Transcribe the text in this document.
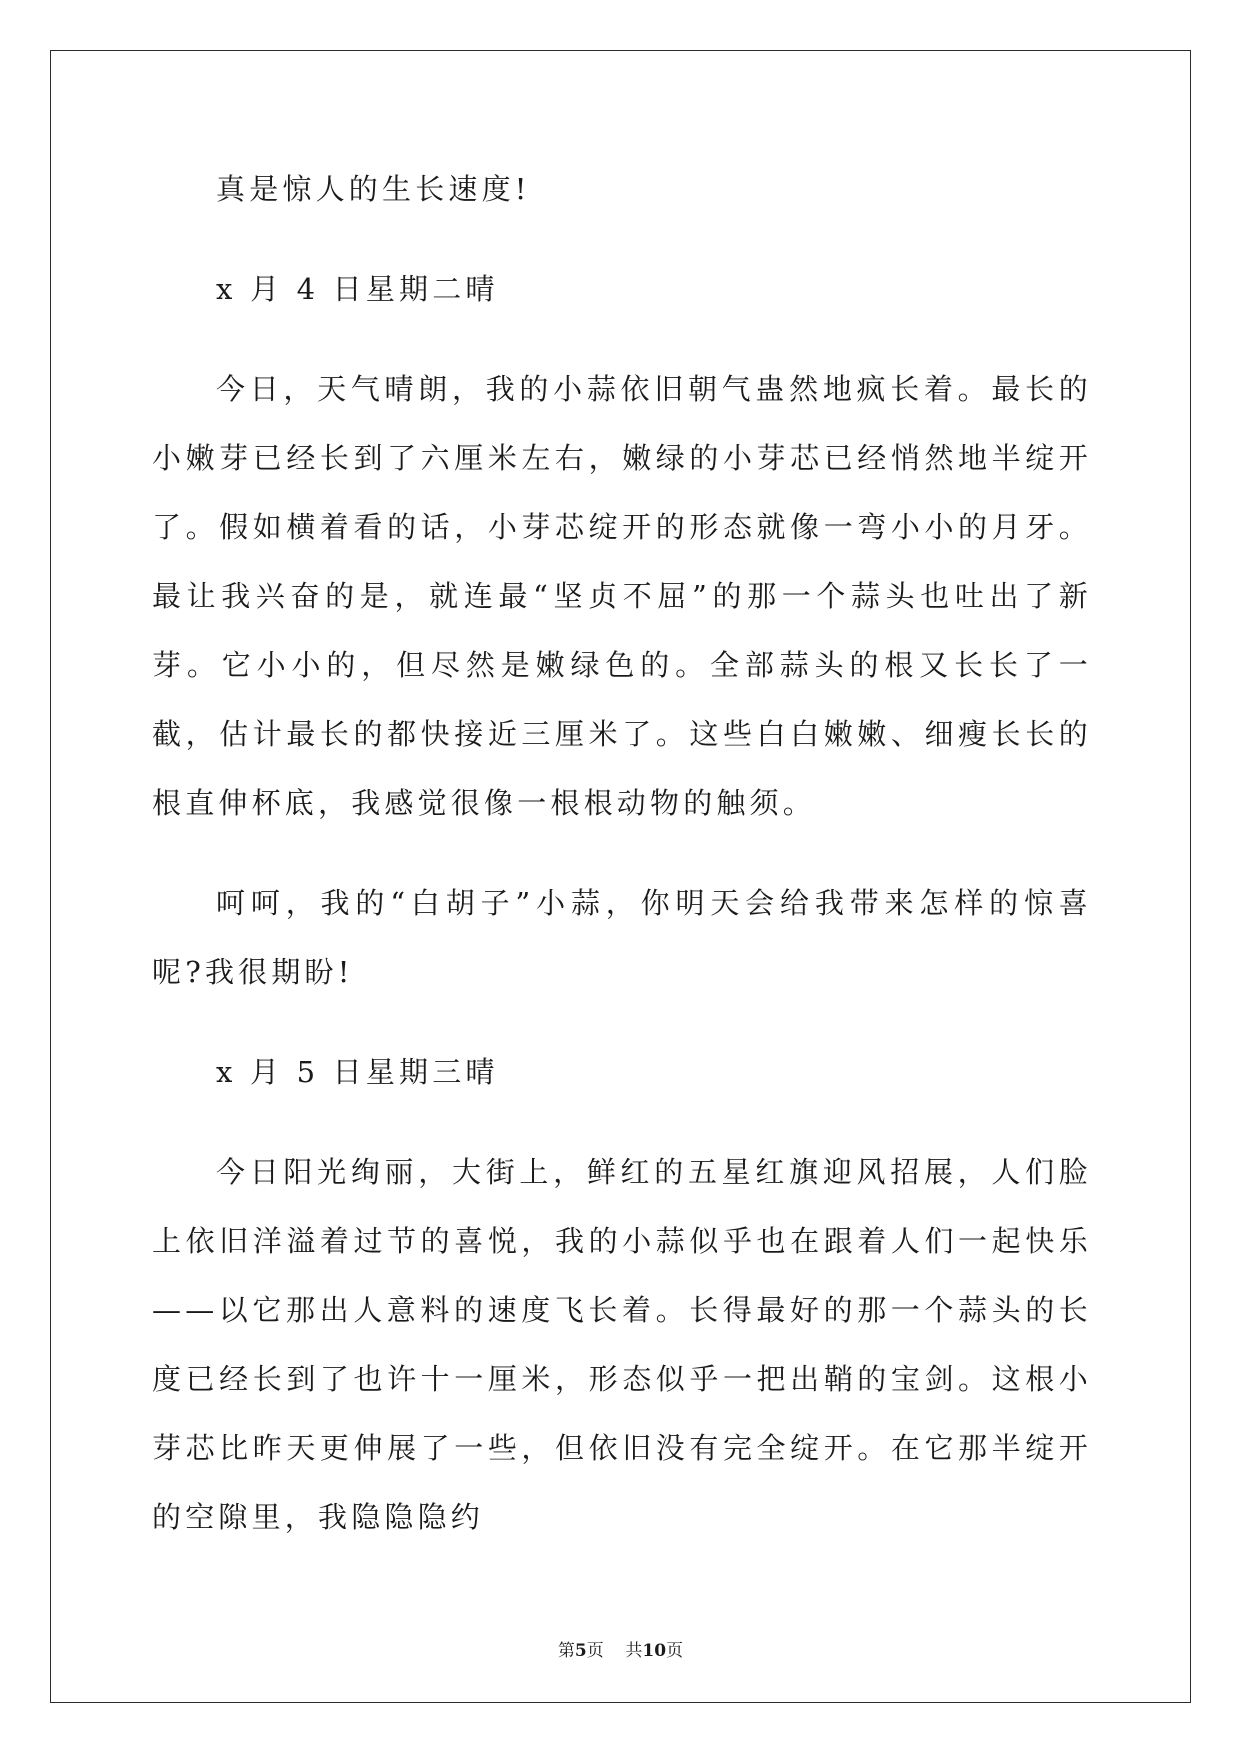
真是惊人的生长速度!

x 月 4 日星期二晴

今日，天气晴朗，我的小蒜依旧朝气蛊然地疯长着。最长的小嫩芽已经长到了六厘米左右，嫩绿的小芽芯已经悄然地半绽开了。假如横着看的话，小芽芯绽开的形态就像一弯小小的月牙。最让我兴奋的是，就连最“坚贞不屈”的那一个蒜头也吐出了新芽。它小小的，但尽然是嫩绿色的。全部蒜头的根又长长了一截，估计最长的都快接近三厘米了。这些白白嫩嫩、细瘦长长的根直伸杯底，我感觉很像一根根动物的触须。

呵呵，我的“白胡子”小蒜，你明天会给我带来怎样的惊喜呢?我很期盼!

x 月 5 日星期三晴

今日阳光绚丽，大街上，鲜红的五星红旗迎风招展，人们脸上依旧洋溢着过节的喜悦，我的小蒜似乎也在跟着人们一起快乐——以它那出人意料的速度飞长着。长得最好的那一个蒜头的长度已经长到了也许十一厘米，形态似乎一把出鞘的宝剑。这根小芽芯比昨天更伸展了一些，但依旧没有完全绽开。在它那半绽开的空隙里，我隐隐隐约

第5页 共10页
